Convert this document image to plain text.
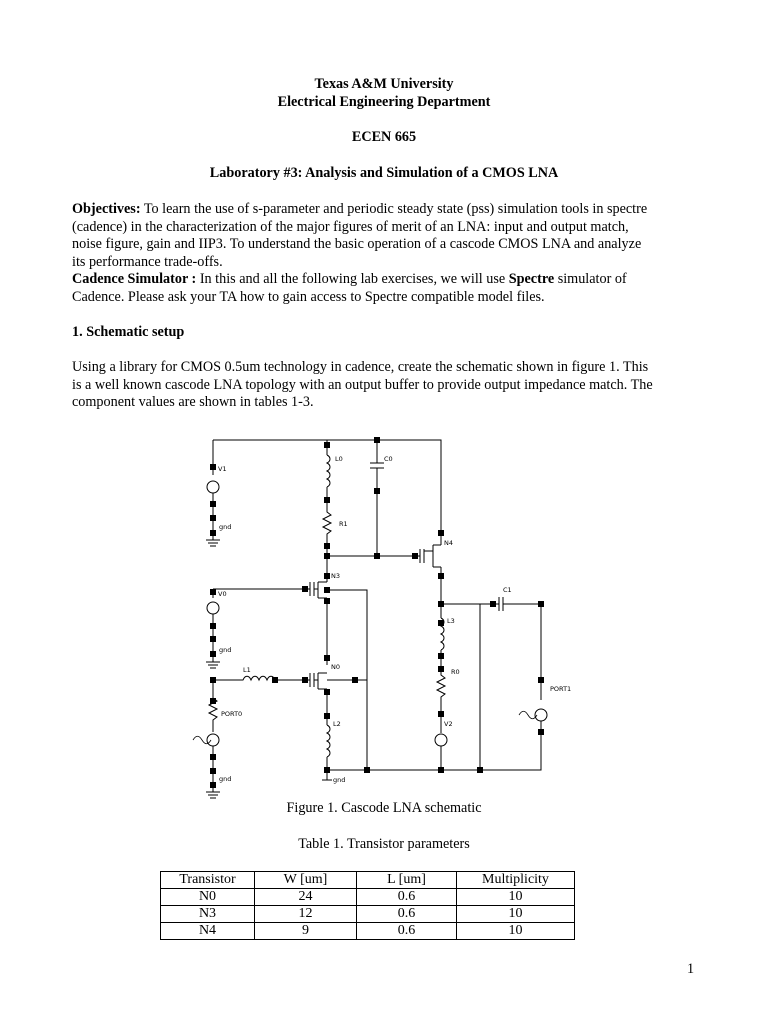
Texas A&M University
Electrical Engineering Department
ECEN 665
Laboratory #3: Analysis and Simulation of a CMOS LNA
Objectives: To learn the use of s-parameter and periodic steady state (pss) simulation tools in spectre
(cadence) in the characterization of the major figures of merit of an LNA: input and output match,
noise figure, gain and IIP3. To understand the basic operation of a cascode CMOS LNA and analyze
its performance trade-offs.
Cadence Simulator : In this and all the following lab exercises, we will use Spectre simulator of
Cadence. Please ask your TA how to gain access to Spectre compatible model files.
1. Schematic setup
Using a library for CMOS 0.5um technology in cadence, create the schematic shown in figure 1. This
is a well known cascode LNA topology with an output buffer to provide output impedance match. The
component values are shown in tables 1-3.
V1
gnd
V0
gnd
PORT0
gnd
L0	C0
R1
N4
N3
N0
L1
L2
gnd
C1
L3
R0
V2
PORT1
Figure 1. Cascode LNA schematic
Table 1. Transistor parameters
Transistor	W [um]	L [um]	Multiplicity
N0	24	0.6	10
N3	12	0.6	10
N4	9	0.6	10
1
